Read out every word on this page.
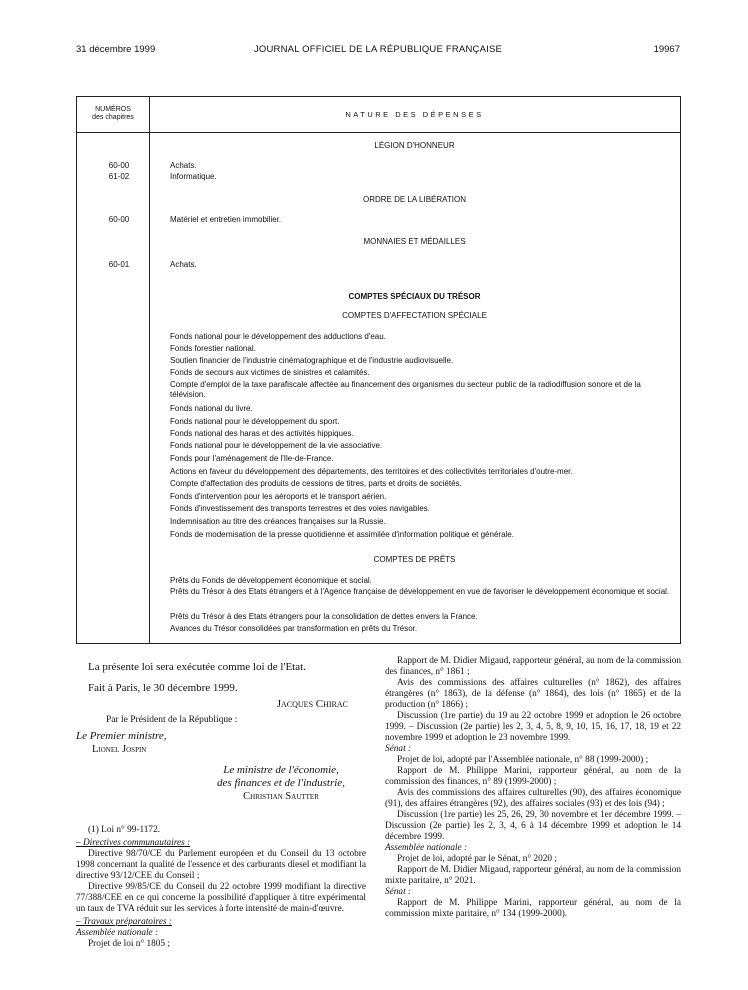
31 décembre 1999	JOURNAL OFFICIEL DE LA RÉPUBLIQUE FRANÇAISE	19967
NUMÉROS
des chapitres	NATURE DES DÉPENSES
LÉGION D'HONNEUR
60-00	Achats.
61-02	Informatique.
ORDRE DE LA LIBÉRATION
60-00	Matériel et entretien immobilier.
MONNAIES ET MÉDAILLES
60-01	Achats.
COMPTES SPÉCIAUX DU TRÉSOR
COMPTES D'AFFECTATION SPÉCIALE
Fonds national pour le développement des adductions d'eau.
Fonds forestier national.
Soutien financier de l'industrie cinématographique et de l'industrie audiovisuelle.
Fonds de secours aux victimes de sinistres et calamités.
Compte d'emploi de la taxe parafiscale affectée au financement des organismes du secteur public de la radiodiffusion sonore et de la télévision.
Fonds national du livre.
Fonds national pour le développement du sport.
Fonds national des haras et des activités hippiques.
Fonds national pour le développement de la vie associative.
Fonds pour l'aménagement de l'Ile-de-France.
Actions en faveur du développement des départements, des territoires et des collectivités territoriales d'outre-mer.
Compte d'affectation des produits de cessions de titres, parts et droits de sociétés.
Fonds d'intervention pour les aéroports et le transport aérien.
Fonds d'investissement des transports terrestres et des voies navigables.
Indemnisation au titre des créances françaises sur la Russie.
Fonds de modernisation de la presse quotidienne et assimilée d'information politique et générale.
COMPTES DE PRÊTS
Prêts du Fonds de développement économique et social.
Prêts du Trésor à des Etats étrangers et à l'Agence française de développement en vue de favoriser le développement économique et social.
Prêts du Trésor à des Etats étrangers pour la consolidation de dettes envers la France.
Avances du Trésor consolidées par transformation en prêts du Trésor.

La présente loi sera exécutée comme loi de l'Etat.

Fait à Paris, le 30 décembre 1999.

Jacques Chirac

Par le Président de la République :

Le Premier ministre,

Lionel Jospin

Le ministre de l'économie,

des finances et de l'industrie,

Christian Sautter

(1) Loi n° 99-1172.

– Directives communautaires :

Directive 98/70/CE du Parlement européen et du Conseil du 13 octobre 1998 concernant la qualité de l'essence et des carburants diesel et modifiant la directive 93/12/CEE du Conseil ;

Directive 99/85/CE du Conseil du 22 octobre 1999 modifiant la directive 77/388/CEE en ce qui concerne la possibilité d'appliquer à titre expérimental un taux de TVA réduit sur les services à forte intensité de main-d'œuvre.

– Travaux préparatoires :

Assemblée nationale :

Projet de loi n° 1805 ;

Rapport de M. Didier Migaud, rapporteur général, au nom de la commission des finances, n° 1861 ;

Avis des commissions des affaires culturelles (n° 1862), des affaires étrangères (n° 1863), de la défense (n° 1864), des lois (n° 1865) et de la production (n° 1866) ;

Discussion (1re partie) du 19 au 22 octobre 1999 et adoption le 26 octobre 1999. – Discussion (2e partie) les 2, 3, 4, 5, 8, 9, 10, 15, 16, 17, 18, 19 et 22 novembre 1999 et adoption le 23 novembre 1999.

Sénat :

Projet de loi, adopté par l'Assemblée nationale, n° 88 (1999-2000) ;

Rapport de M. Philippe Marini, rapporteur général, au nom de la commission des finances, n° 89 (1999-2000) ;

Avis des commissions des affaires culturelles (90), des affaires économique (91), des affaires étrangères (92), des affaires sociales (93) et des lois (94) ;

Discussion (1re partie) les 25, 26, 29, 30 novembre et 1er décembre 1999. – Discussion (2e partie) les 2, 3, 4, 6 à 14 décembre 1999 et adoption le 14 décembre 1999.

Assemblée nationale :

Projet de loi, adopté par le Sénat, n° 2020 ;

Rapport de M. Didier Migaud, rapporteur général, au nom de la commission mixte paritaire, n° 2021.

Sénat :

Rapport de M. Philippe Marini, rapporteur général, au nom de la commission mixte paritaire, n° 134 (1999-2000).
